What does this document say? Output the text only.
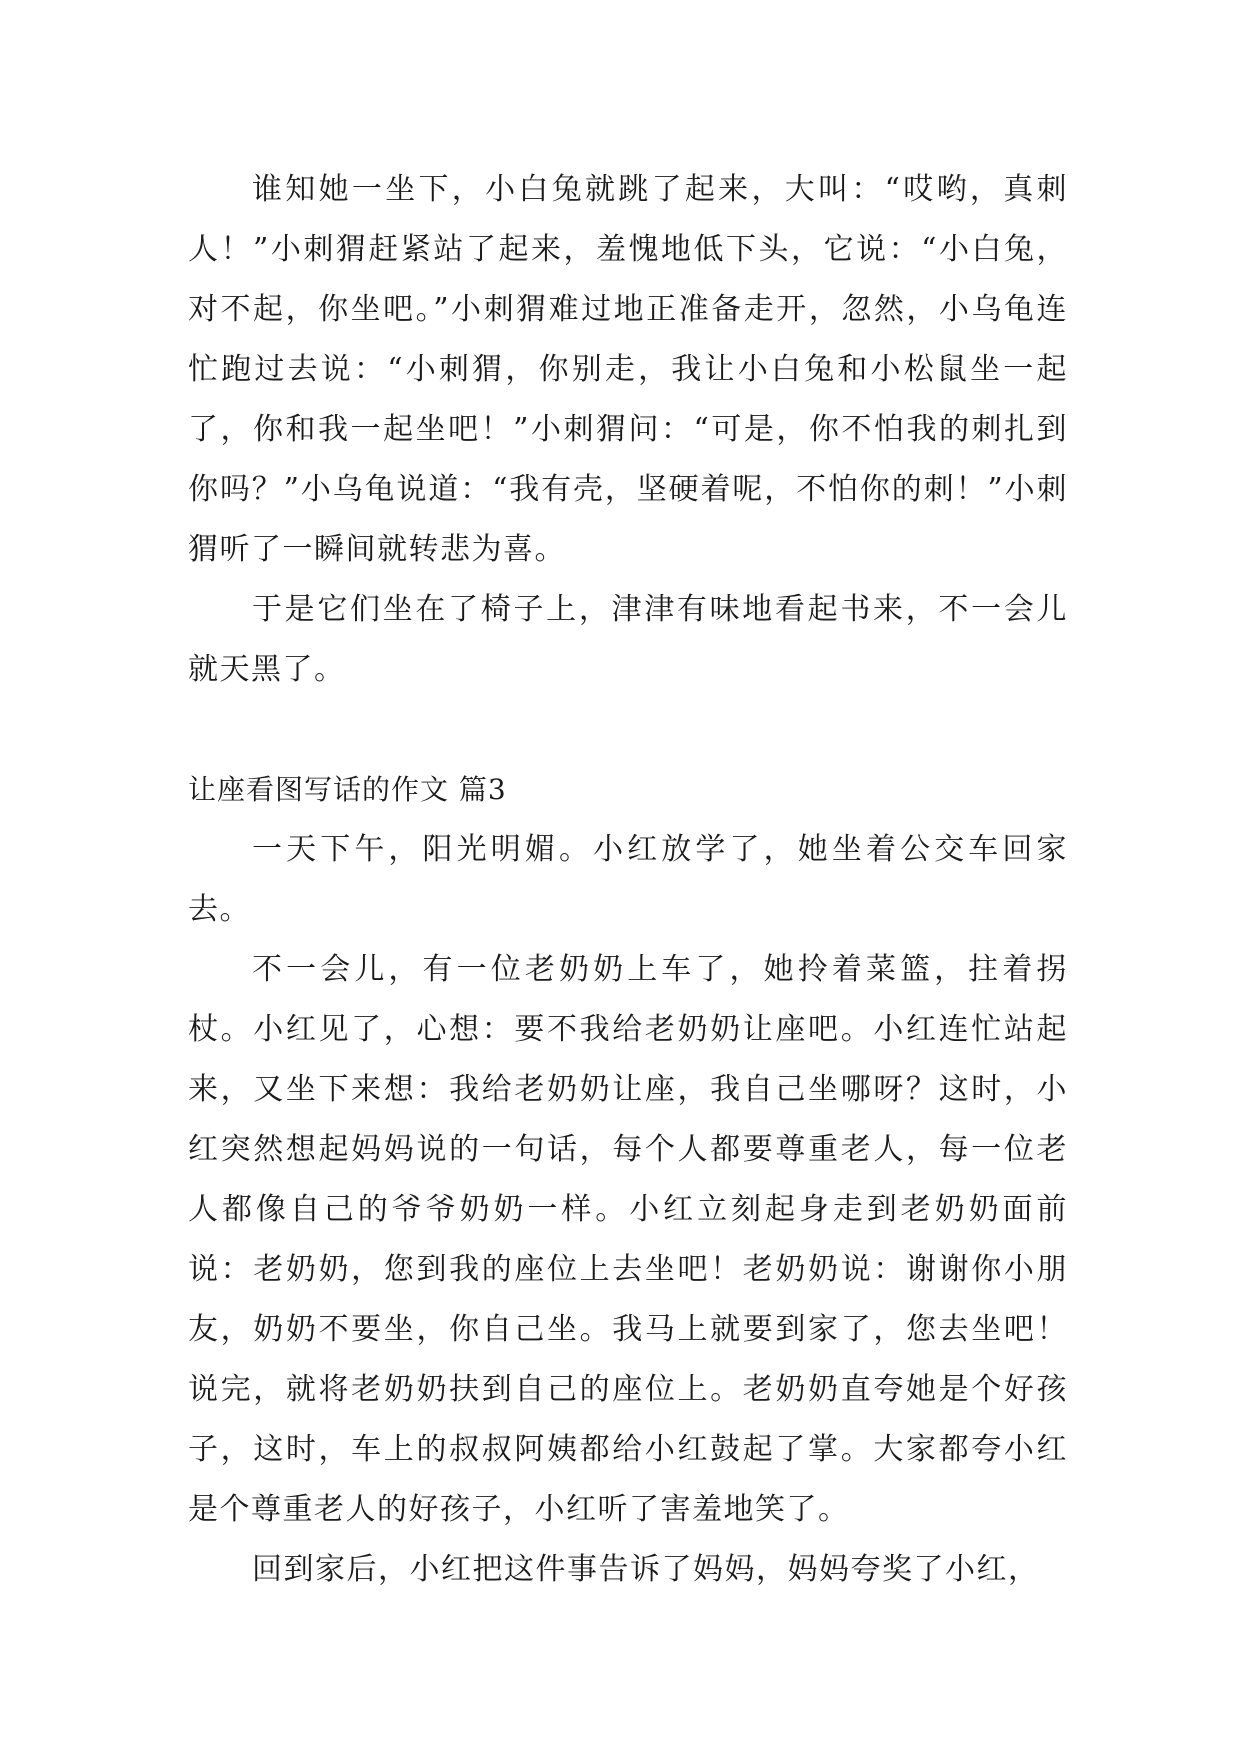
谁知她一坐下，小白兔就跳了起来，大叫：“哎哟，真刺人！”小刺猬赶紧站了起来，羞愧地低下头，它说：“小白兔，对不起，你坐吧。”小刺猬难过地正准备走开，忽然，小乌龟连忙跑过去说：“小刺猬，你别走，我让小白兔和小松鼠坐一起了，你和我一起坐吧！”小刺猬问：“可是，你不怕我的刺扎到你吗？”小乌龟说道：“我有壳，坚硬着呢，不怕你的刺！”小刺猬听了一瞬间就转悲为喜。

于是它们坐在了椅子上，津津有味地看起书来，不一会儿就天黑了。

让座看图写话的作文 篇3

一天下午，阳光明媚。小红放学了，她坐着公交车回家去。

不一会儿，有一位老奶奶上车了，她拎着菜篮，拄着拐杖。小红见了，心想：要不我给老奶奶让座吧。小红连忙站起来，又坐下来想：我给老奶奶让座，我自己坐哪呀？这时，小红突然想起妈妈说的一句话，每个人都要尊重老人，每一位老人都像自己的爷爷奶奶一样。小红立刻起身走到老奶奶面前说：老奶奶，您到我的座位上去坐吧！老奶奶说：谢谢你小朋友，奶奶不要坐，你自己坐。我马上就要到家了，您去坐吧！说完，就将老奶奶扶到自己的座位上。老奶奶直夸她是个好孩子，这时，车上的叔叔阿姨都给小红鼓起了掌。大家都夸小红是个尊重老人的好孩子，小红听了害羞地笑了。

回到家后，小红把这件事告诉了妈妈，妈妈夸奖了小红，
